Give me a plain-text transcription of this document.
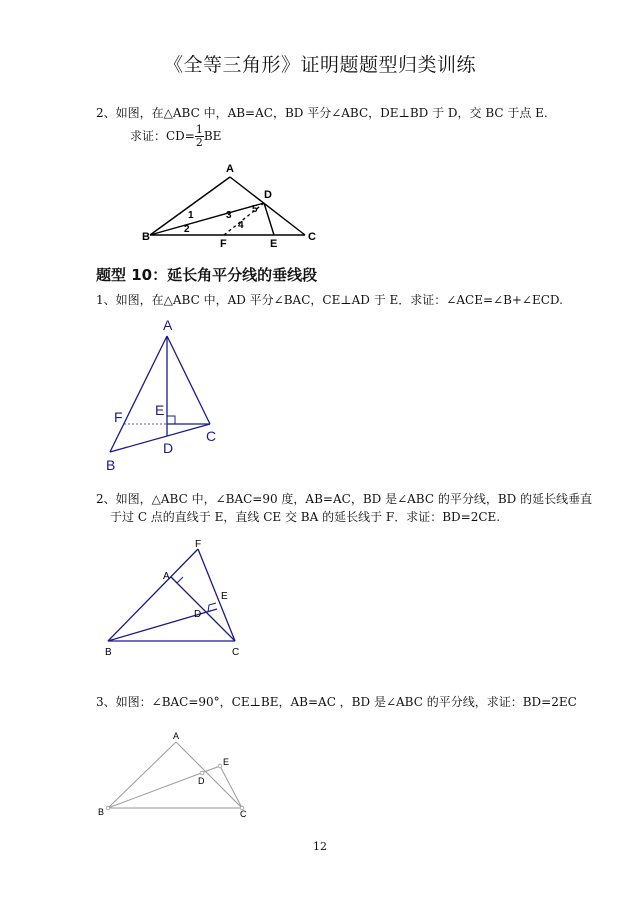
《全等三角形》证明题题型归类训练
2、如图，在△ABC 中，AB=AC，BD 平分∠ABC，DE⊥BD 于 D，交 BC 于点 E.
求证：$CD= \frac{1}{2}$ BE
A
B	C
D
E
F
1
2
3
4
5
题型 10：延长角平分线的垂线段
1、如图，在△ABC 中，AD 平分∠BAC，CE⊥AD 于 E．求证：∠ACE=∠B+∠ECD.
A
B
C
D
E
F
2、如图，△ABC 中，∠BAC=90 度，AB=AC，BD 是∠ABC 的平分线，BD 的延长线垂直
于过 C 点的直线于 E，直线 CE 交 BA 的延长线于 F．求证：BD=2CE.
F
A
E
D
B	C
3、如图：∠BAC=90°，CE⊥BE，AB=AC ，BD 是∠ABC 的平分线，求证：BD=2EC
A
E
D
B	C
12
